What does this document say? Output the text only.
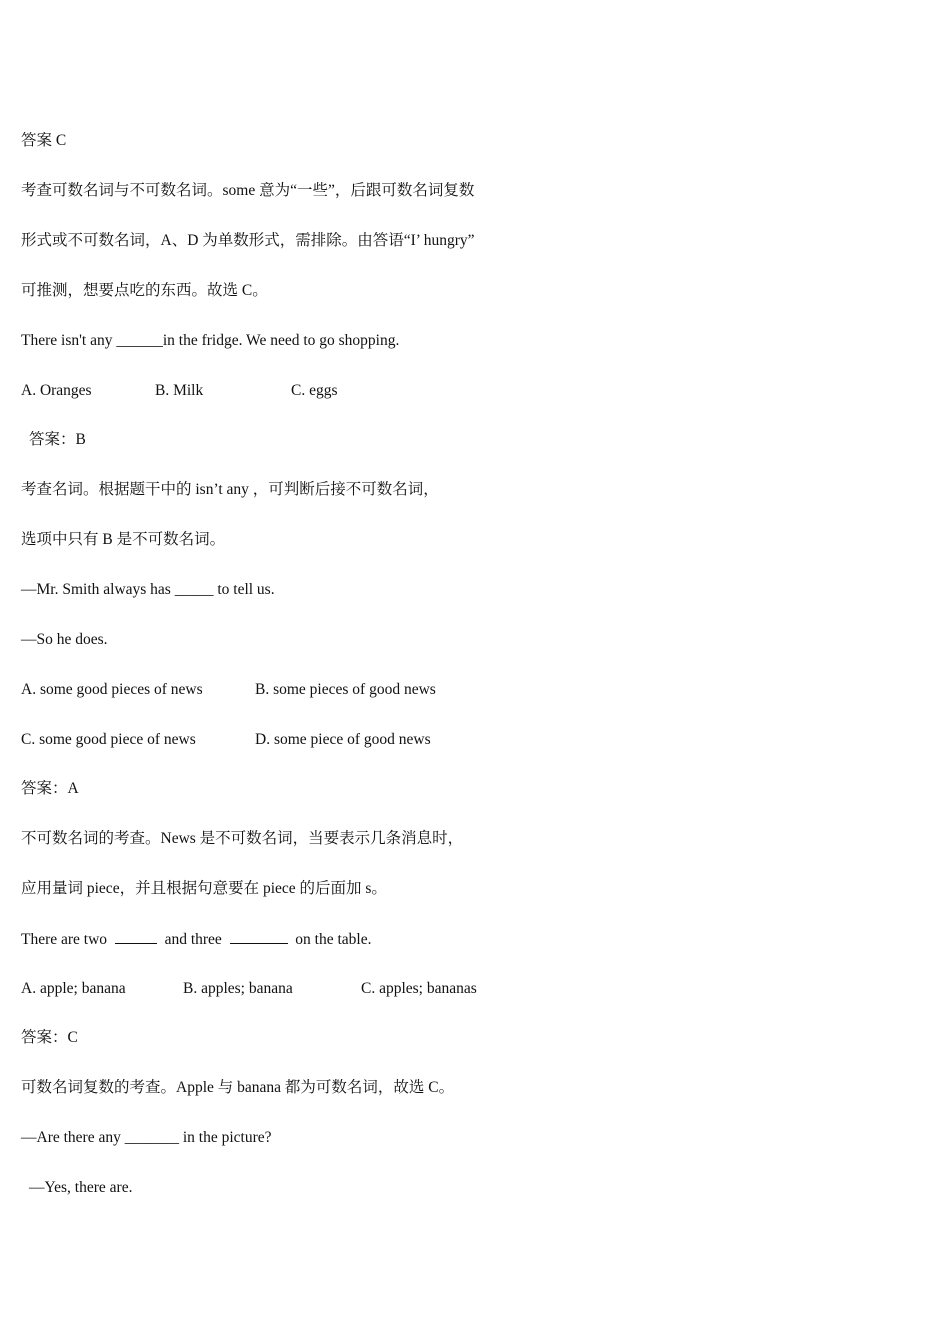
答案 C
考查可数名词与不可数名词。some 意为“一些”，后跟可数名词复数
形式或不可数名词，A、D 为单数形式，需排除。由答语“I’ hungry”
可推测，想要点吃的东西。故选 C。
There isn't any ______in the fridge. We need to go shopping.
A. Oranges	B. Milk	C. eggs
答案：B
考查名词。根据题干中的 isn’t any ，可判断后接不可数名词，
选项中只有 B 是不可数名词。
—Mr. Smith always has _____ to tell us.
—So he does.
A. some good pieces of news	B. some pieces of good news
C. some good piece of news	D. some piece of good news
答案：A
不可数名词的考查。News 是不可数名词，当要表示几条消息时，
应用量词 piece，并且根据句意要在 piece 的后面加 s。
There are two	and three	on the table.
A. apple; banana	B. apples; banana	C. apples; bananas
答案：C
可数名词复数的考查。Apple 与 banana 都为可数名词，故选 C。
—Are there any _______ in the picture?
—Yes, there are.
